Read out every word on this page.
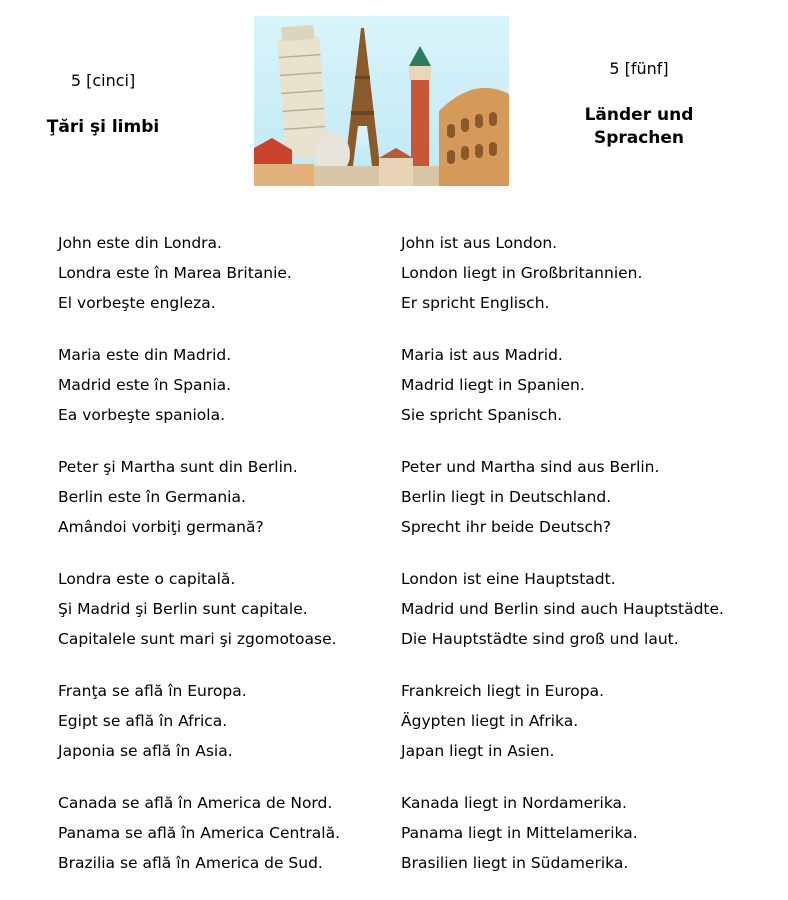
5 [cinci]
Ţări şi limbi
5 [fünf]
Länder und
Sprachen
John este din Londra.	John ist aus London.
Londra este în Marea Britanie.	London liegt in Großbritannien.
El vorbeşte engleza.	Er spricht Englisch.
Maria este din Madrid.	Maria ist aus Madrid.
Madrid este în Spania.	Madrid liegt in Spanien.
Ea vorbeşte spaniola.	Sie spricht Spanisch.
Peter şi Martha sunt din Berlin.	Peter und Martha sind aus Berlin.
Berlin este în Germania.	Berlin liegt in Deutschland.
Amândoi vorbiţi germană?	Sprecht ihr beide Deutsch?
Londra este o capitală.	London ist eine Hauptstadt.
Şi Madrid şi Berlin sunt capitale.	Madrid und Berlin sind auch Hauptstädte.
Capitalele sunt mari şi zgomotoase.	Die Hauptstädte sind groß und laut.
Franţa se află în Europa.	Frankreich liegt in Europa.
Egipt se află în Africa.	Ägypten liegt in Afrika.
Japonia se află în Asia.	Japan liegt in Asien.
Canada se află în America de Nord.	Kanada liegt in Nordamerika.
Panama se află în America Centrală.	Panama liegt in Mittelamerika.
Brazilia se află în America de Sud.	Brasilien liegt in Südamerika.
